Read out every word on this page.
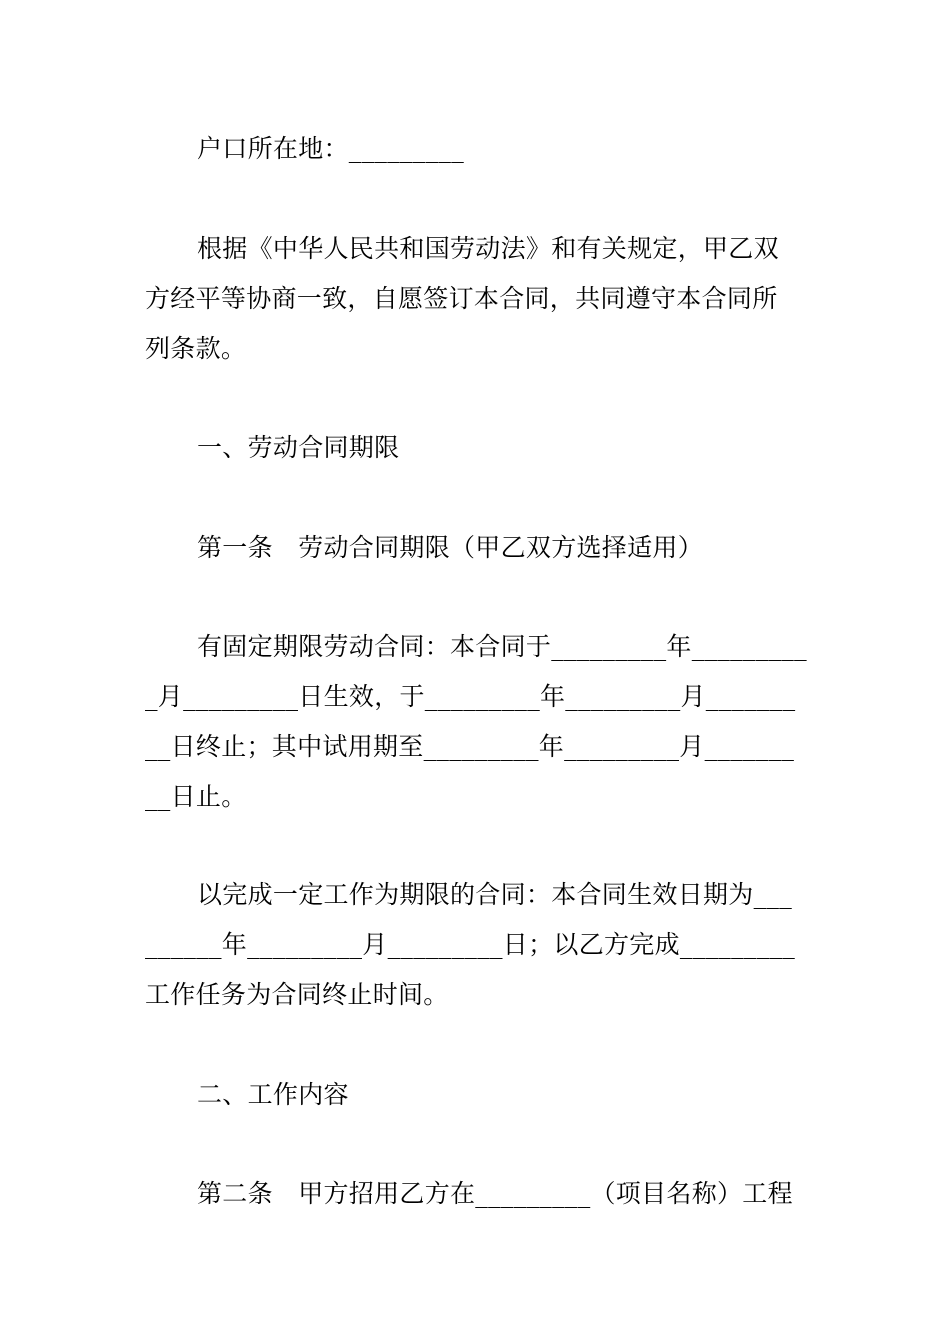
户口所在地：_________

根据《中华人民共和国劳动法》和有关规定，甲乙双
方经平等协商一致，自愿签订本合同，共同遵守本合同所
列条款。

一、劳动合同期限

第一条　劳动合同期限（甲乙双方选择适用）

有固定期限劳动合同：本合同于_________年_________
_月_________日生效，于_________年_________月_______
__日终止；其中试用期至_________年_________月_______
__日止。
以完成一定工作为期限的合同：本合同生效日期为___
______年_________月_________日；以乙方完成_________
工作任务为合同终止时间。

二、工作内容

第二条　甲方招用乙方在_________（项目名称）工程
